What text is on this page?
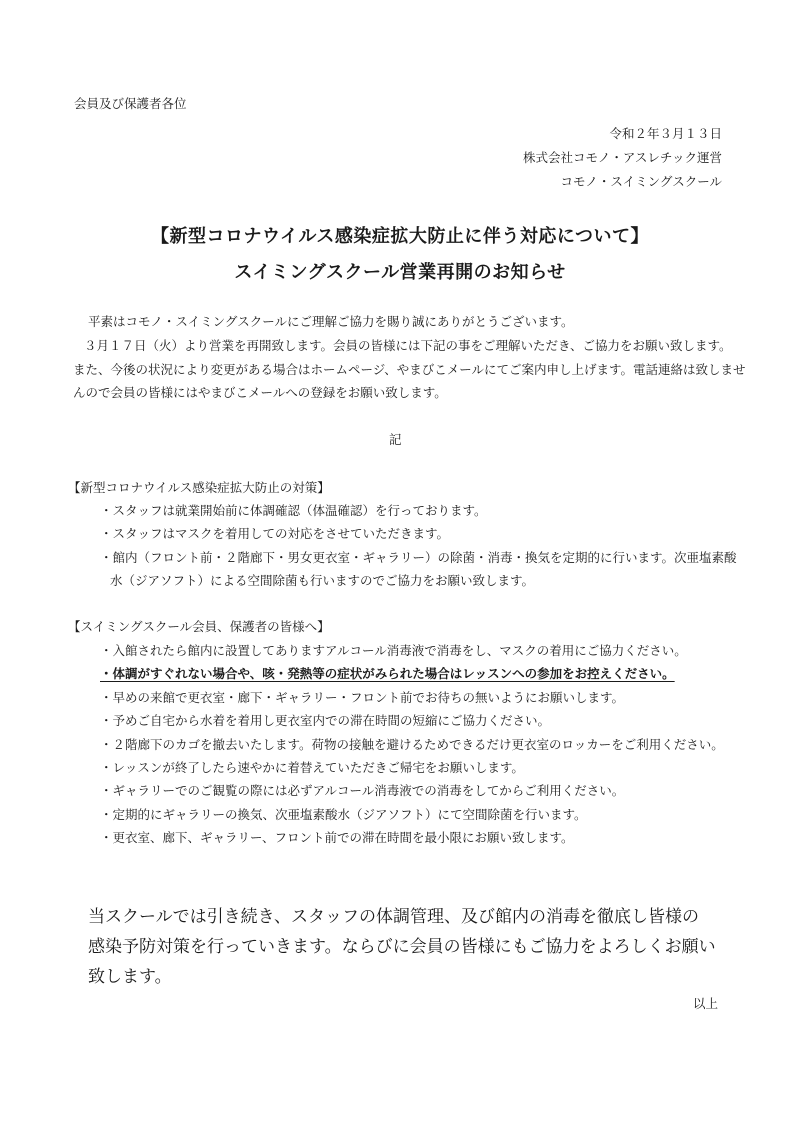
会員及び保護者各位
令和２年３月１３日
株式会社コモノ・アスレチック運営
コモノ・スイミングスクール
【新型コロナウイルス感染症拡大防止に伴う対応について】
スイミングスクール営業再開のお知らせ
平素はコモノ・スイミングスクールにご理解ご協力を賜り誠にありがとうございます。
３月１７日（火）より営業を再開致します。会員の皆様には下記の事をご理解いただき、ご協力をお願い致します。
また、今後の状況により変更がある場合はホームページ、やまびこメールにてご案内申し上げます。電話連絡は致しませ
んので会員の皆様にはやまびこメールへの登録をお願い致します。
記
【新型コロナウイルス感染症拡大防止の対策】
・スタッフは就業開始前に体調確認（体温確認）を行っております。
・スタッフはマスクを着用しての対応をさせていただきます。
・館内（フロント前・２階廊下・男女更衣室・ギャラリー）の除菌・消毒・換気を定期的に行います。次亜塩素酸
水（ジアソフト）による空間除菌も行いますのでご協力をお願い致します。
【スイミングスクール会員、保護者の皆様へ】
・入館されたら館内に設置してありますアルコール消毒液で消毒をし、マスクの着用にご協力ください。
・体調がすぐれない場合や、咳・発熱等の症状がみられた場合はレッスンへの参加をお控えください。
・早めの来館で更衣室・廊下・ギャラリー・フロント前でお待ちの無いようにお願いします。
・予めご自宅から水着を着用し更衣室内での滞在時間の短縮にご協力ください。
・２階廊下のカゴを撤去いたします。荷物の接触を避けるためできるだけ更衣室のロッカーをご利用ください。
・レッスンが終了したら速やかに着替えていただきご帰宅をお願いします。
・ギャラリーでのご観覧の際には必ずアルコール消毒液での消毒をしてからご利用ください。
・定期的にギャラリーの換気、次亜塩素酸水（ジアソフト）にて空間除菌を行います。
・更衣室、廊下、ギャラリー、フロント前での滞在時間を最小限にお願い致します。
当スクールでは引き続き、スタッフの体調管理、及び館内の消毒を徹底し皆様の
感染予防対策を行っていきます。ならびに会員の皆様にもご協力をよろしくお願い
致します。
以上
